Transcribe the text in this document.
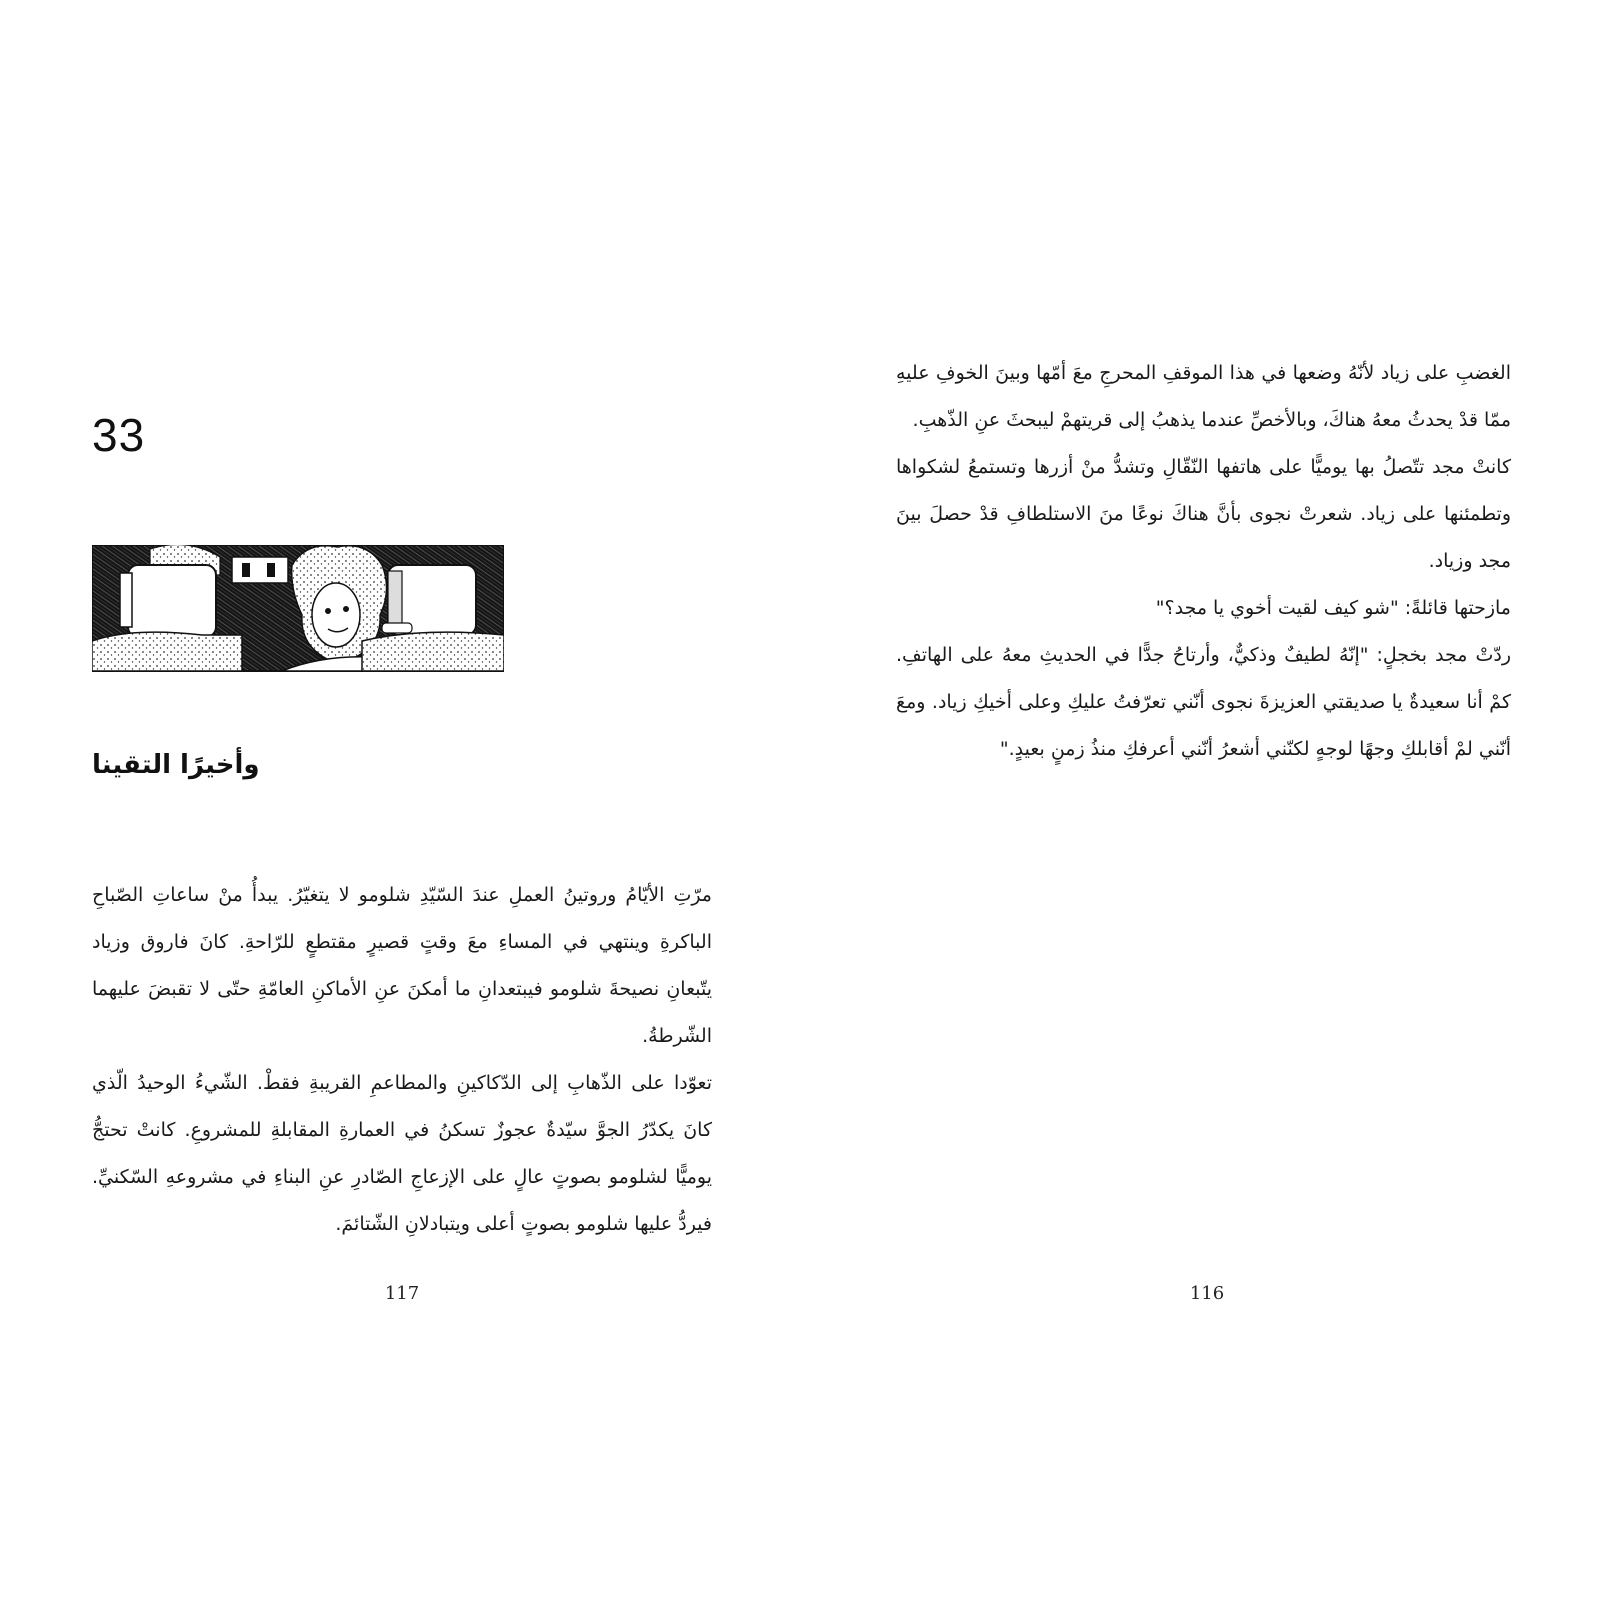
33
وأخيرًا التقينا

مرّتِ الأيّامُ وروتينُ العملِ عندَ السّيّدِ شلومو لا يتغيّرُ. يبدأُ منْ ساعاتِ الصّباحِ الباكرةِ وينتهي في المساءِ معَ وقتٍ قصيرٍ مقتطعٍ للرّاحةِ. كانَ فاروق وزياد يتّبعانِ نصيحةَ شلومو فيبتعدانِ ما أمكنَ عنِ الأماكنِ العامّةِ حتّى لا تقبضَ عليهما الشّرطةُ.

تعوّدا على الذّهابِ إلى الدّكاكينِ والمطاعمِ القريبةِ فقطْ. الشّيءُ الوحيدُ الّذي كانَ يكدّرُ الجوَّ سيّدةٌ عجوزٌ تسكنُ في العمارةِ المقابلةِ للمشروعِ. كانتْ تحتجُّ يوميًّا لشلومو بصوتٍ عالٍ على الإزعاجِ الصّادرِ عنِ البناءِ في مشروعهِ السّكنيِّ. فيردُّ عليها شلومو بصوتٍ أعلى ويتبادلانِ الشّتائمَ.

117

الغضبِ على زياد لأنّهُ وضعها في هذا الموقفِ المحرجِ معَ أمّها وبينَ الخوفِ عليهِ ممّا قدْ يحدثُ معهُ هناكَ، وبالأخصِّ عندما يذهبُ إلى قريتهمْ ليبحثَ عنِ الذّهبِ.

كانتْ مجد تتّصلُ بها يوميًّا على هاتفها النّقّالِ وتشدُّ منْ أزرها وتستمعُ لشكواها وتطمئنها على زياد. شعرتْ نجوى بأنَّ هناكَ نوعًا منَ الاستلطافِ قدْ حصلَ بينَ مجد وزياد.

مازحتها قائلةً: "شو كيف لقيت أخوي يا مجد؟"

ردّتْ مجد بخجلٍ: "إنّهُ لطيفٌ وذكيٌّ، وأرتاحُ جدًّا في الحديثِ معهُ على الهاتفِ. كمْ أنا سعيدةٌ يا صديقتي العزيزةَ نجوى أنّني تعرّفتُ عليكِ وعلى أخيكِ زياد. ومعَ أنّني لمْ أقابلكِ وجهًا لوجهٍ لكنّني أشعرُ أنّني أعرفكِ منذُ زمنٍ بعيدٍ."

116
